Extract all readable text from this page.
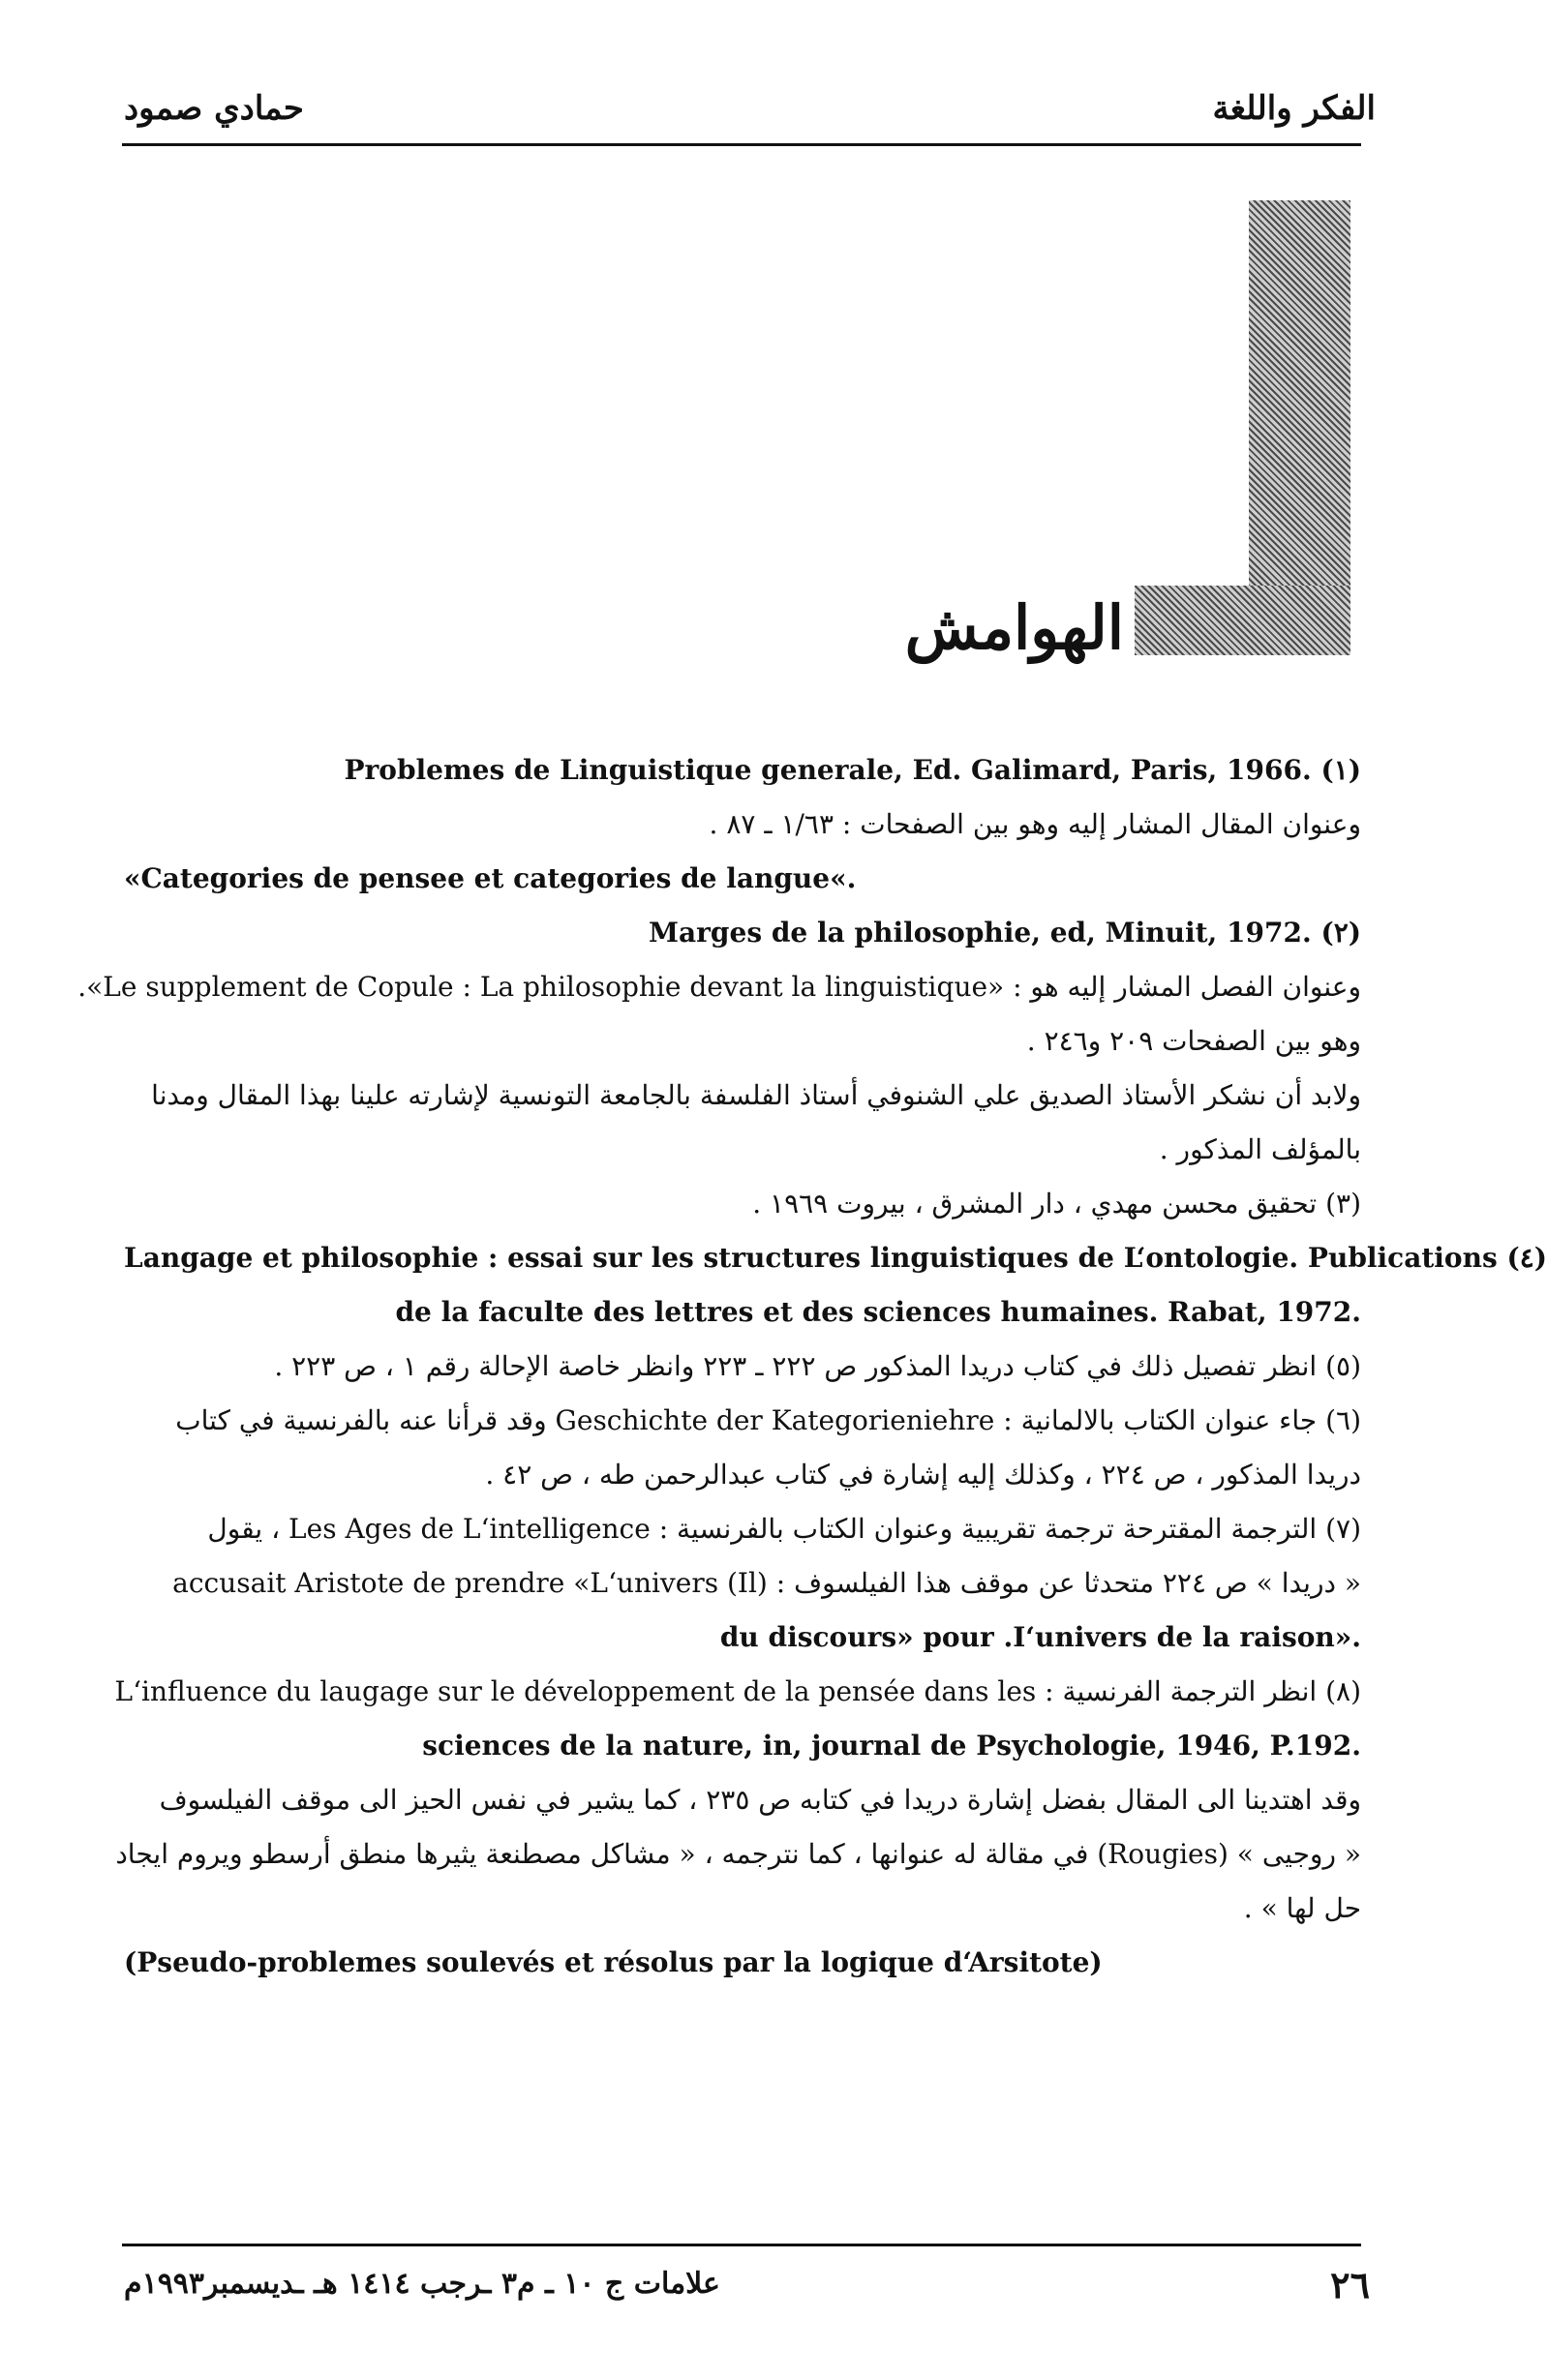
الفكر واللغة
حمادي صمود
الهوامش
Problemes de Linguistique generale, Ed. Galimard, Paris, 1966. (١)
وعنوان المقال المشار إليه وهو بين الصفحات : ١/٦٣ ـ ٨٧ .
«Categories de pensee et categories de langue«.
Marges de la philosophie, ed, Minuit, 1972. (٢)
وعنوان الفصل المشار إليه هو : «Le supplement de Copule : La philosophie devant la linguistique».
وهو بين الصفحات ٢٠٩ و٢٤٦ .
ولابد أن نشكر الأستاذ الصديق علي الشنوفي أستاذ الفلسفة بالجامعة التونسية لإشارته علينا بهذا المقال ومدنا
بالمؤلف المذكور .
(٣) تحقيق محسن مهدي ، دار المشرق ، بيروت ١٩٦٩ .
Langage et philosophie : essai sur les structures linguistiques de L‘ontologie. Publications (٤)
de la faculte des lettres et des sciences humaines. Rabat, 1972.
(٥) انظر تفصيل ذلك في كتاب دريدا المذكور ص ٢٢٢ ـ ٢٢٣ وانظر خاصة الإحالة رقم ١ ، ص ٢٢٣ .
(٦) جاء عنوان الكتاب بالالمانية : Geschichte der Kategorieniehre وقد قرأنا عنه بالفرنسية في كتاب
دريدا المذكور ، ص ٢٢٤ ، وكذلك إليه إشارة في كتاب عبدالرحمن طه ، ص ٤٢ .
(٧) الترجمة المقترحة ترجمة تقريبية وعنوان الكتاب بالفرنسية : Les Ages de L‘intelligence ، يقول
« دريدا » ص ٢٢٤ متحدثا عن موقف هذا الفيلسوف : (Il) accusait Aristote de prendre «L‘univers
du discours» pour .I‘univers de la raison».
(٨) انظر الترجمة الفرنسية : L‘influence du laugage sur le développement de la pensée dans les
sciences de la nature, in, journal de Psychologie, 1946, P.192.
وقد اهتدينا الى المقال بفضل إشارة دريدا في كتابه ص ٢٣٥ ، كما يشير في نفس الحيز الى موقف الفيلسوف
« روجيى » (Rougies) في مقالة له عنوانها ، كما نترجمه ، « مشاكل مصطنعة يثيرها منطق أرسطو ويروم ايجاد
حل لها » .
(Pseudo-problemes soulevés et résolus par la logique d‘Arsitote)
٢٦
علامات ج ١٠ ـ م٣ ـرجب ١٤١٤ هـ ـديسمبر١٩٩٣م
